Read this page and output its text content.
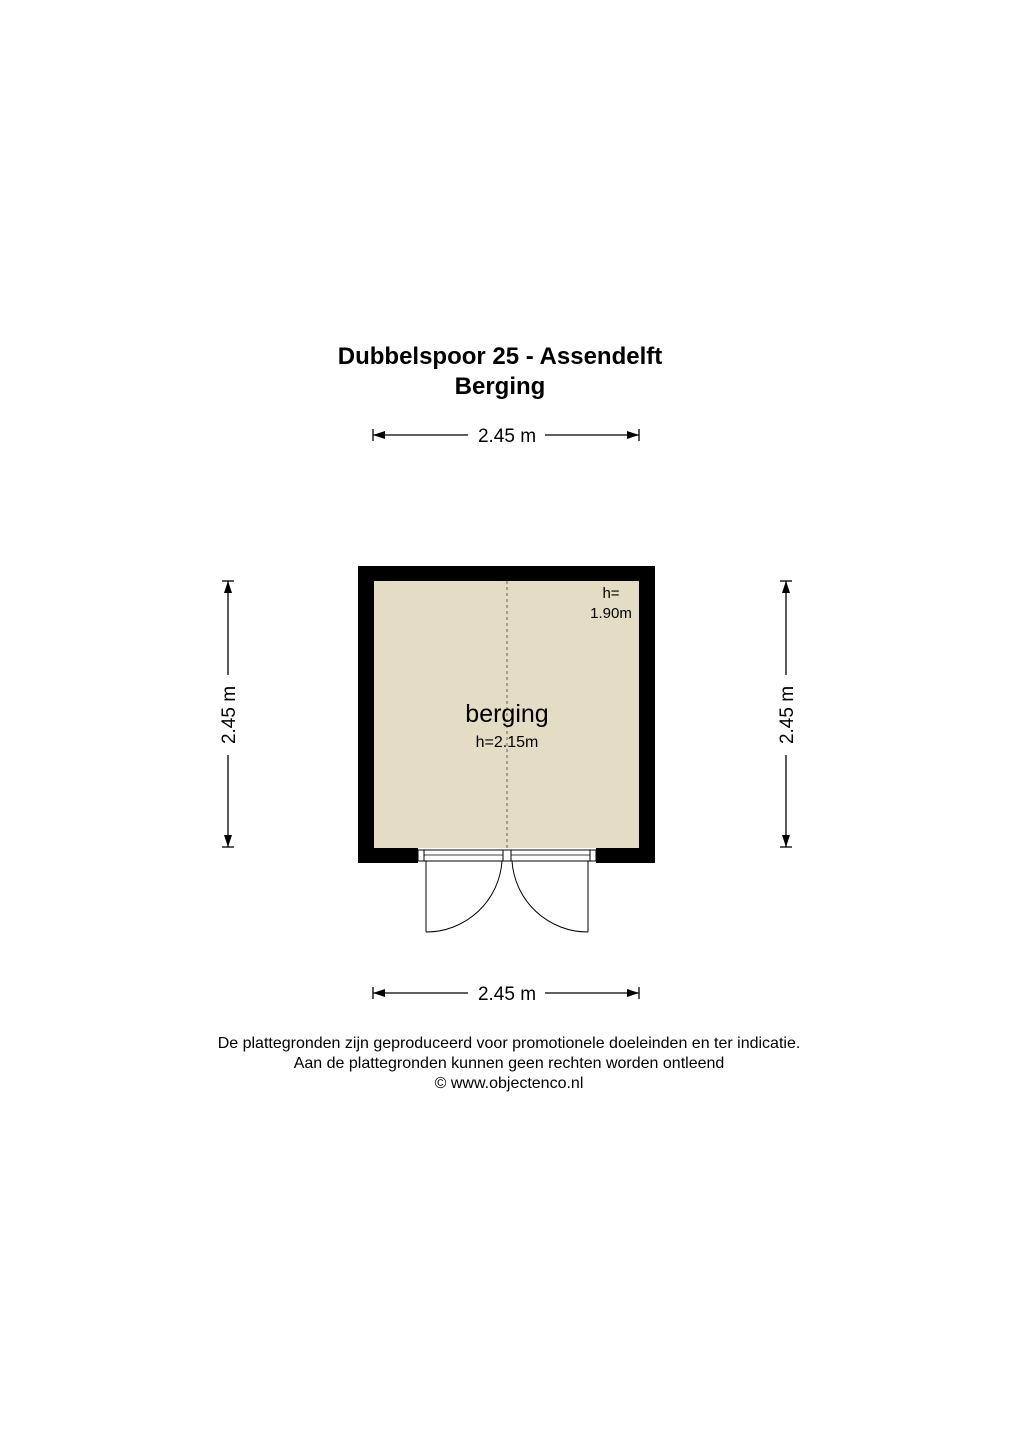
Dubbelspoor 25 - Assendelft
Berging
2.45 m
2.45 m
2.45 m	2.45 m
berging
h=2.15m
h=
1.90m
De plattegronden zijn geproduceerd voor promotionele doeleinden en ter indicatie.
Aan de plattegronden kunnen geen rechten worden ontleend
© www.objectenco.nl
